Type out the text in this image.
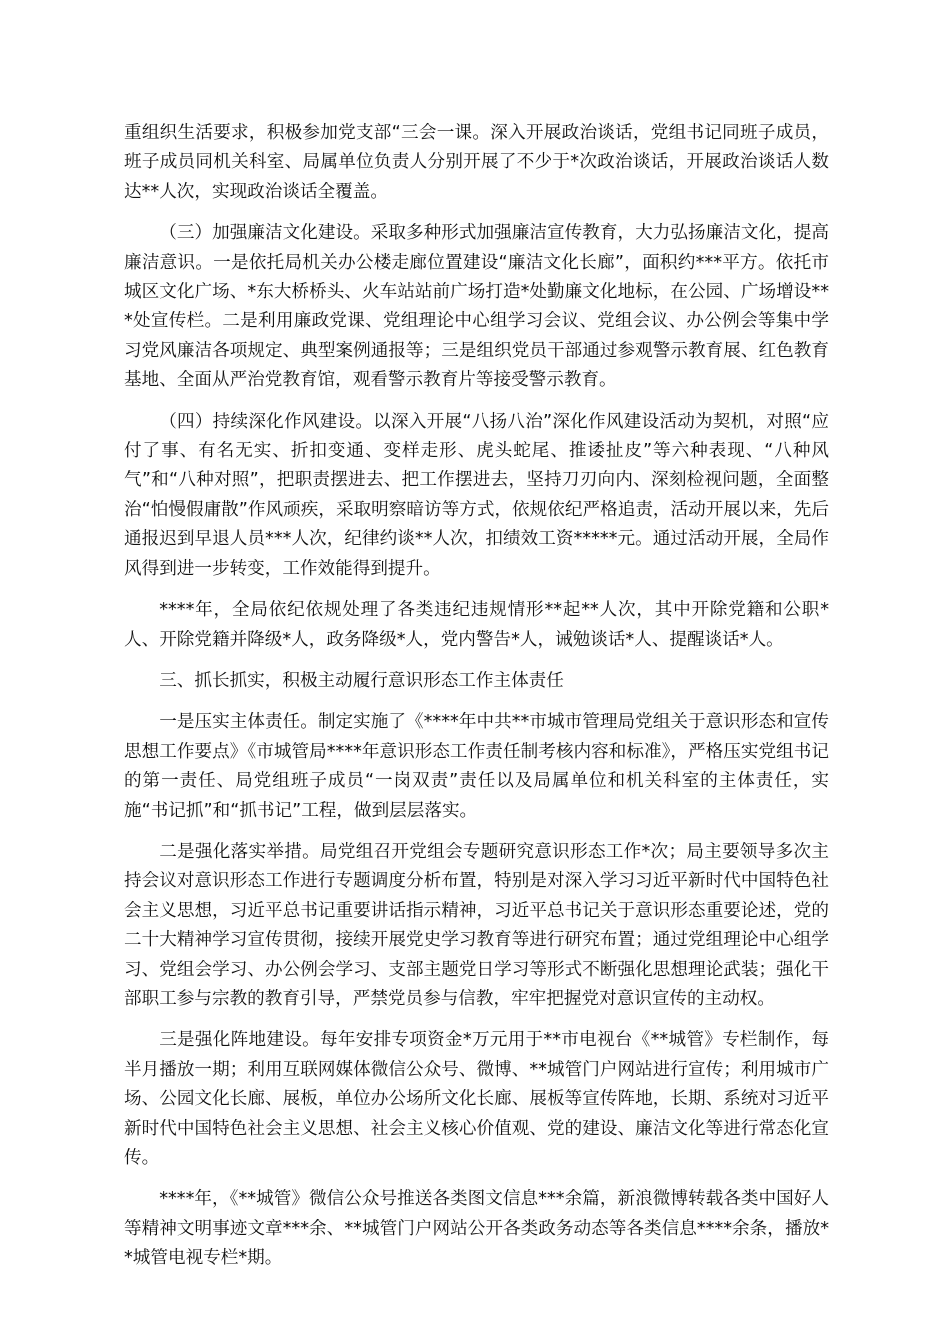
重组织生活要求，积极参加党支部“三会一课。深入开展政治谈话，党组书记同班子成员，班子成员同机关科室、局属单位负责人分别开展了不少于*次政治谈话，开展政治谈话人数达**人次，实现政治谈话全覆盖。

（三）加强廉洁文化建设。采取多种形式加强廉洁宣传教育，大力弘扬廉洁文化，提高廉洁意识。一是依托局机关办公楼走廊位置建设“廉洁文化长廊”，面积约***平方。依托市城区文化广场、*东大桥桥头、火车站站前广场打造*处勤廉文化地标，在公园、广场增设***处宣传栏。二是利用廉政党课、党组理论中心组学习会议、党组会议、办公例会等集中学习党风廉洁各项规定、典型案例通报等；三是组织党员干部通过参观警示教育展、红色教育基地、全面从严治党教育馆，观看警示教育片等接受警示教育。

（四）持续深化作风建设。以深入开展“八扬八治”深化作风建设活动为契机，对照“应付了事、有名无实、折扣变通、变样走形、虎头蛇尾、推诿扯皮”等六种表现、“八种风气”和“八种对照”，把职责摆进去、把工作摆进去，坚持刀刃向内、深刻检视问题，全面整治“怕慢假庸散”作风顽疾，采取明察暗访等方式，依规依纪严格追责，活动开展以来，先后通报迟到早退人员***人次，纪律约谈**人次，扣绩效工资*****元。通过活动开展，全局作风得到进一步转变，工作效能得到提升。

****年，全局依纪依规处理了各类违纪违规情形**起**人次，其中开除党籍和公职*人、开除党籍并降级*人，政务降级*人，党内警告*人，诫勉谈话*人、提醒谈话*人。

三、抓长抓实，积极主动履行意识形态工作主体责任

一是压实主体责任。制定实施了《****年中共**市城市管理局党组关于意识形态和宣传思想工作要点》《市城管局****年意识形态工作责任制考核内容和标准》，严格压实党组书记的第一责任、局党组班子成员“一岗双责”责任以及局属单位和机关科室的主体责任，实施“书记抓”和“抓书记”工程，做到层层落实。

二是强化落实举措。局党组召开党组会专题研究意识形态工作*次；局主要领导多次主持会议对意识形态工作进行专题调度分析布置，特别是对深入学习习近平新时代中国特色社会主义思想，习近平总书记重要讲话指示精神，习近平总书记关于意识形态重要论述，党的二十大精神学习宣传贯彻，接续开展党史学习教育等进行研究布置；通过党组理论中心组学习、党组会学习、办公例会学习、支部主题党日学习等形式不断强化思想理论武装；强化干部职工参与宗教的教育引导，严禁党员参与信教，牢牢把握党对意识宣传的主动权。

三是强化阵地建设。每年安排专项资金*万元用于**市电视台《**城管》专栏制作，每半月播放一期；利用互联网媒体微信公众号、微博、**城管门户网站进行宣传；利用城市广场、公园文化长廊、展板，单位办公场所文化长廊、展板等宣传阵地，长期、系统对习近平新时代中国特色社会主义思想、社会主义核心价值观、党的建设、廉洁文化等进行常态化宣传。

****年，《**城管》微信公众号推送各类图文信息***余篇，新浪微博转载各类中国好人等精神文明事迹文章***余、**城管门户网站公开各类政务动态等各类信息****余条，播放**城管电视专栏*期。
